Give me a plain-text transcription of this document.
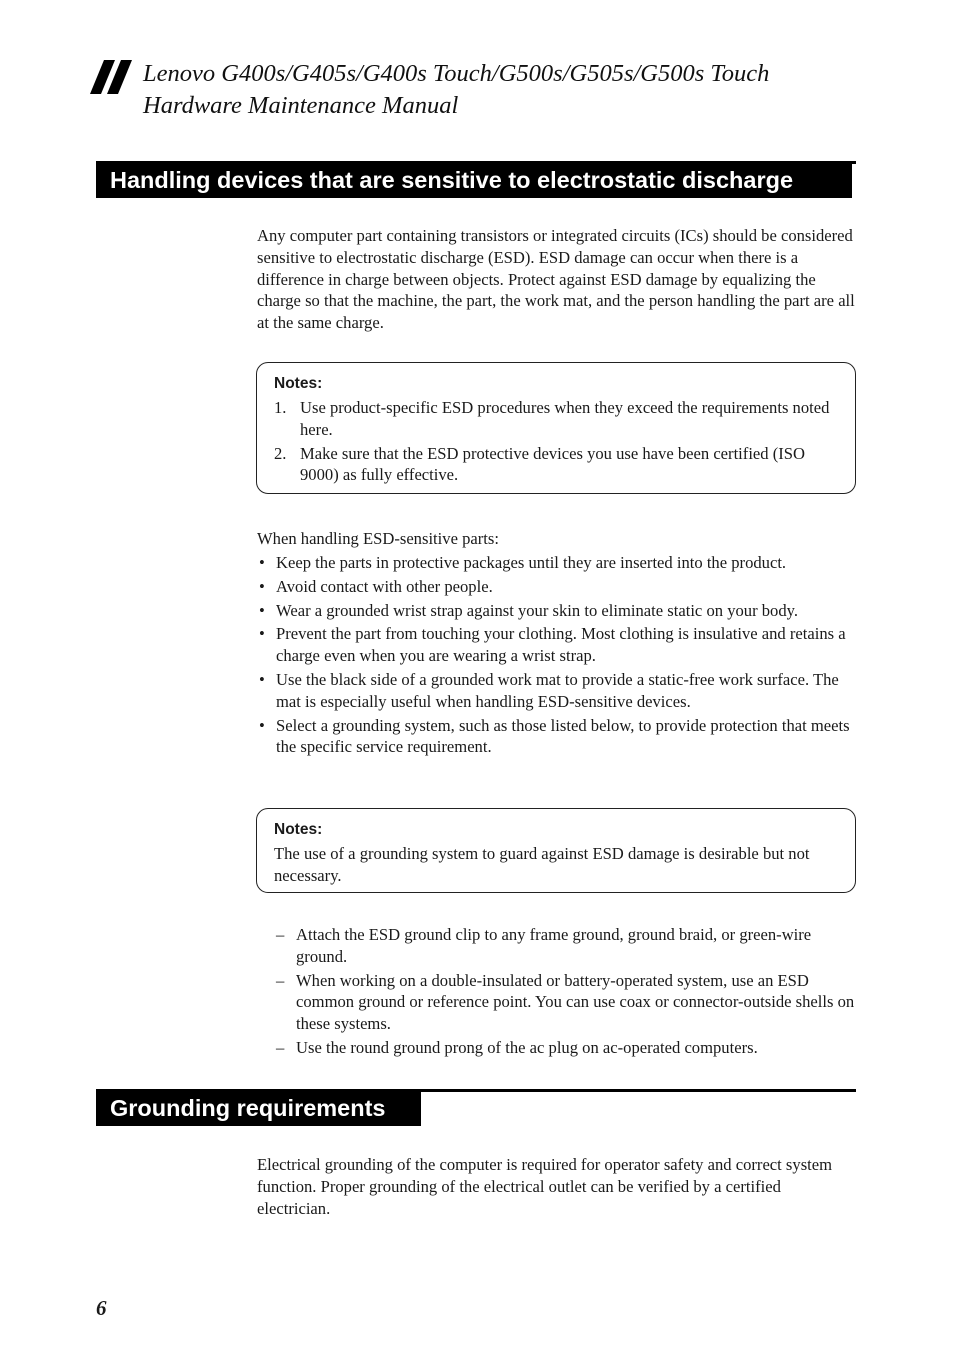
Lenovo G400s/G405s/G400s Touch/G500s/G505s/G500s Touch
Hardware Maintenance Manual
Handling devices that are sensitive to electrostatic discharge
Any computer part containing transistors or integrated circuits (ICs) should be considered sensitive to electrostatic discharge (ESD). ESD damage can occur when there is a difference in charge between objects. Protect against ESD damage by equalizing the charge so that the machine, the part, the work mat, and the person handling the part are all at the same charge.
Notes:
1. Use product-specific ESD procedures when they exceed the requirements noted here.
2. Make sure that the ESD protective devices you use have been certified (ISO 9000) as fully effective.
When handling ESD-sensitive parts:
• Keep the parts in protective packages until they are inserted into the product.
• Avoid contact with other people.
• Wear a grounded wrist strap against your skin to eliminate static on your body.
• Prevent the part from touching your clothing. Most clothing is insulative and retains a charge even when you are wearing a wrist strap.
• Use the black side of a grounded work mat to provide a static-free work surface. The mat is especially useful when handling ESD-sensitive devices.
• Select a grounding system, such as those listed below, to provide protection that meets the specific service requirement.
Notes:
The use of a grounding system to guard against ESD damage is desirable but not necessary.
– Attach the ESD ground clip to any frame ground, ground braid, or green-wire ground.
– When working on a double-insulated or battery-operated system, use an ESD common ground or reference point. You can use coax or connector-outside shells on these systems.
– Use the round ground prong of the ac plug on ac-operated computers.
Grounding requirements
Electrical grounding of the computer is required for operator safety and correct system function. Proper grounding of the electrical outlet can be verified by a certified electrician.
6
